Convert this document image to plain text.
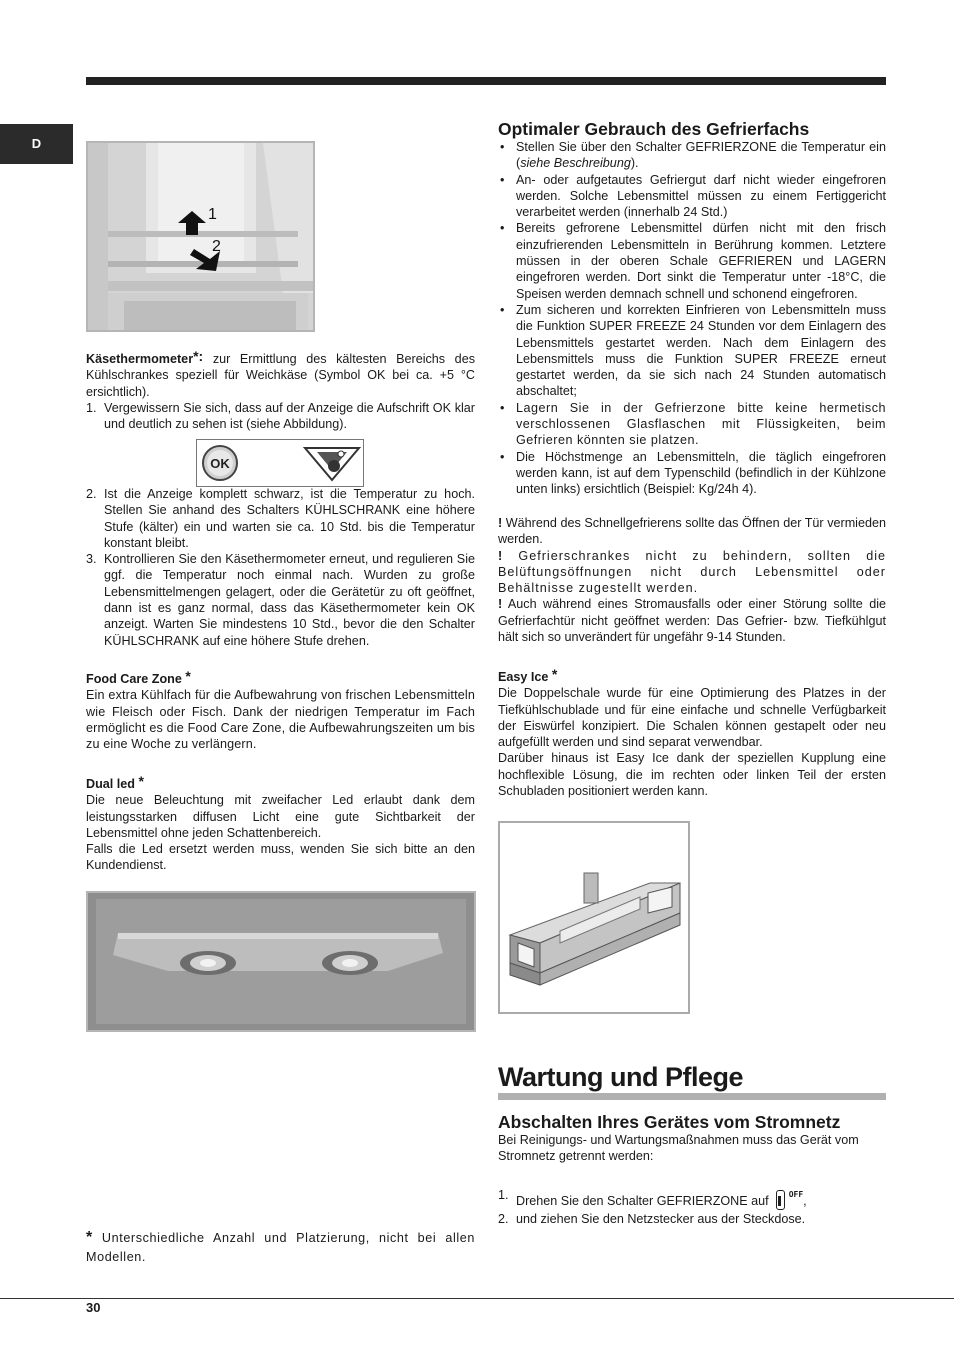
D
1
2

Käsethermometer*: zur Ermittlung des kältesten Bereichs des Kühlschrankes speziell für Weichkäse (Symbol OK bei ca. +5 °C ersichtlich).

1. Vergewissern Sie sich, dass auf der Anzeige die Aufschrift OK klar und deutlich zu sehen ist (siehe Abbildung).
OK
2. Ist die Anzeige komplett schwarz, ist die Temperatur zu hoch. Stellen Sie anhand des Schalters KÜHLSCHRANK eine höhere Stufe (kälter) ein und warten sie ca. 10 Std. bis die Temperatur konstant bleibt.
3. Kontrollieren Sie den Käsethermometer erneut, und regulieren Sie ggf. die Temperatur noch einmal nach. Wurden zu große Lebensmittelmengen gelagert, oder die Gerätetür zu oft geöffnet, dann ist es ganz normal, dass das Käsethermometer kein OK anzeigt. Warten Sie mindestens 10 Std., bevor die den Schalter KÜHLSCHRANK auf eine höhere Stufe drehen.

Food Care Zone *

Ein extra Kühlfach für die Aufbewahrung von frischen Lebensmitteln wie Fleisch oder Fisch. Dank der niedrigen Temperatur im Fach ermöglicht es die Food Care Zone, die Aufbewahrungszeiten um bis zu eine Woche zu verlängern.

Dual led *

Die neue Beleuchtung mit zweifacher Led erlaubt dank dem leistungsstarken diffusen Licht eine gute Sichtbarkeit der Lebensmittel ohne jeden Schattenbereich.

Falls die Led ersetzt werden muss, wenden Sie sich bitte an den Kundendienst.

* Unterschiedliche Anzahl und Platzierung, nicht bei allen Modellen.

Optimaler Gebrauch des Gefrierfachs

• Stellen Sie über den Schalter GEFRIERZONE die Temperatur ein (siehe Beschreibung).
• An- oder aufgetautes Gefriergut darf nicht wieder eingefroren werden. Solche Lebensmittel müssen zu einem Fertiggericht verarbeitet werden (innerhalb 24 Std.)
• Bereits gefrorene Lebensmittel dürfen nicht mit den frisch einzufrierenden Lebensmitteln in Berührung kommen. Letztere müssen in der oberen Schale GEFRIEREN und LAGERN eingefroren werden. Dort sinkt die Temperatur unter -18°C, die Speisen werden demnach schnell und schonend eingefroren.
• Zum sicheren und korrekten Einfrieren von Lebensmitteln muss die Funktion SUPER FREEZE 24 Stunden vor dem Einlagern des Lebensmittels gestartet werden. Nach dem Einlagern des Lebensmittels muss die Funktion SUPER FREEZE erneut gestartet werden, da sie sich nach 24 Stunden automatisch abschaltet;
• Lagern Sie in der Gefrierzone bitte keine hermetisch verschlossenen Glasflaschen mit Flüssigkeiten, beim Gefrieren könnten sie platzen.
• Die Höchstmenge an Lebensmitteln, die täglich eingefroren werden kann, ist auf dem Typenschild (befindlich in der Kühlzone unten links) ersichtlich (Beispiel: Kg/24h 4).

! Während des Schnellgefrierens sollte das Öffnen der Tür vermieden werden.

! Gefrierschrankes nicht zu behindern, sollten die Belüftungsöffnungen nicht durch Lebensmittel oder Behältnisse zugestellt werden.

! Auch während eines Stromausfalls oder einer Störung sollte die Gefrierfachtür nicht geöffnet werden: Das Gefrier- bzw. Tiefkühlgut hält sich so unverändert für ungefähr 9-14 Stunden.

Easy Ice *

Die Doppelschale wurde für eine Optimierung des Platzes in der Tiefkühlschublade und für eine einfache und schnelle Verfügbarkeit der Eiswürfel konzipiert. Die Schalen können gestapelt oder neu aufgefüllt werden und sind separat verwendbar.

Darüber hinaus ist Easy Ice dank der speziellen Kupplung eine hochflexible Lösung, die im rechten oder linken Teil der ersten Schubladen positioniert werden kann.

Wartung und Pflege

Abschalten Ihres Gerätes vom Stromnetz

Bei Reinigungs- und Wartungsmaßnahmen muss das Gerät vom Stromnetz getrennt werden:

1. Drehen Sie den Schalter GEFRIERZONE auf	$^{OFF}$,
2. und ziehen Sie den Netzstecker aus der Steckdose.
30
